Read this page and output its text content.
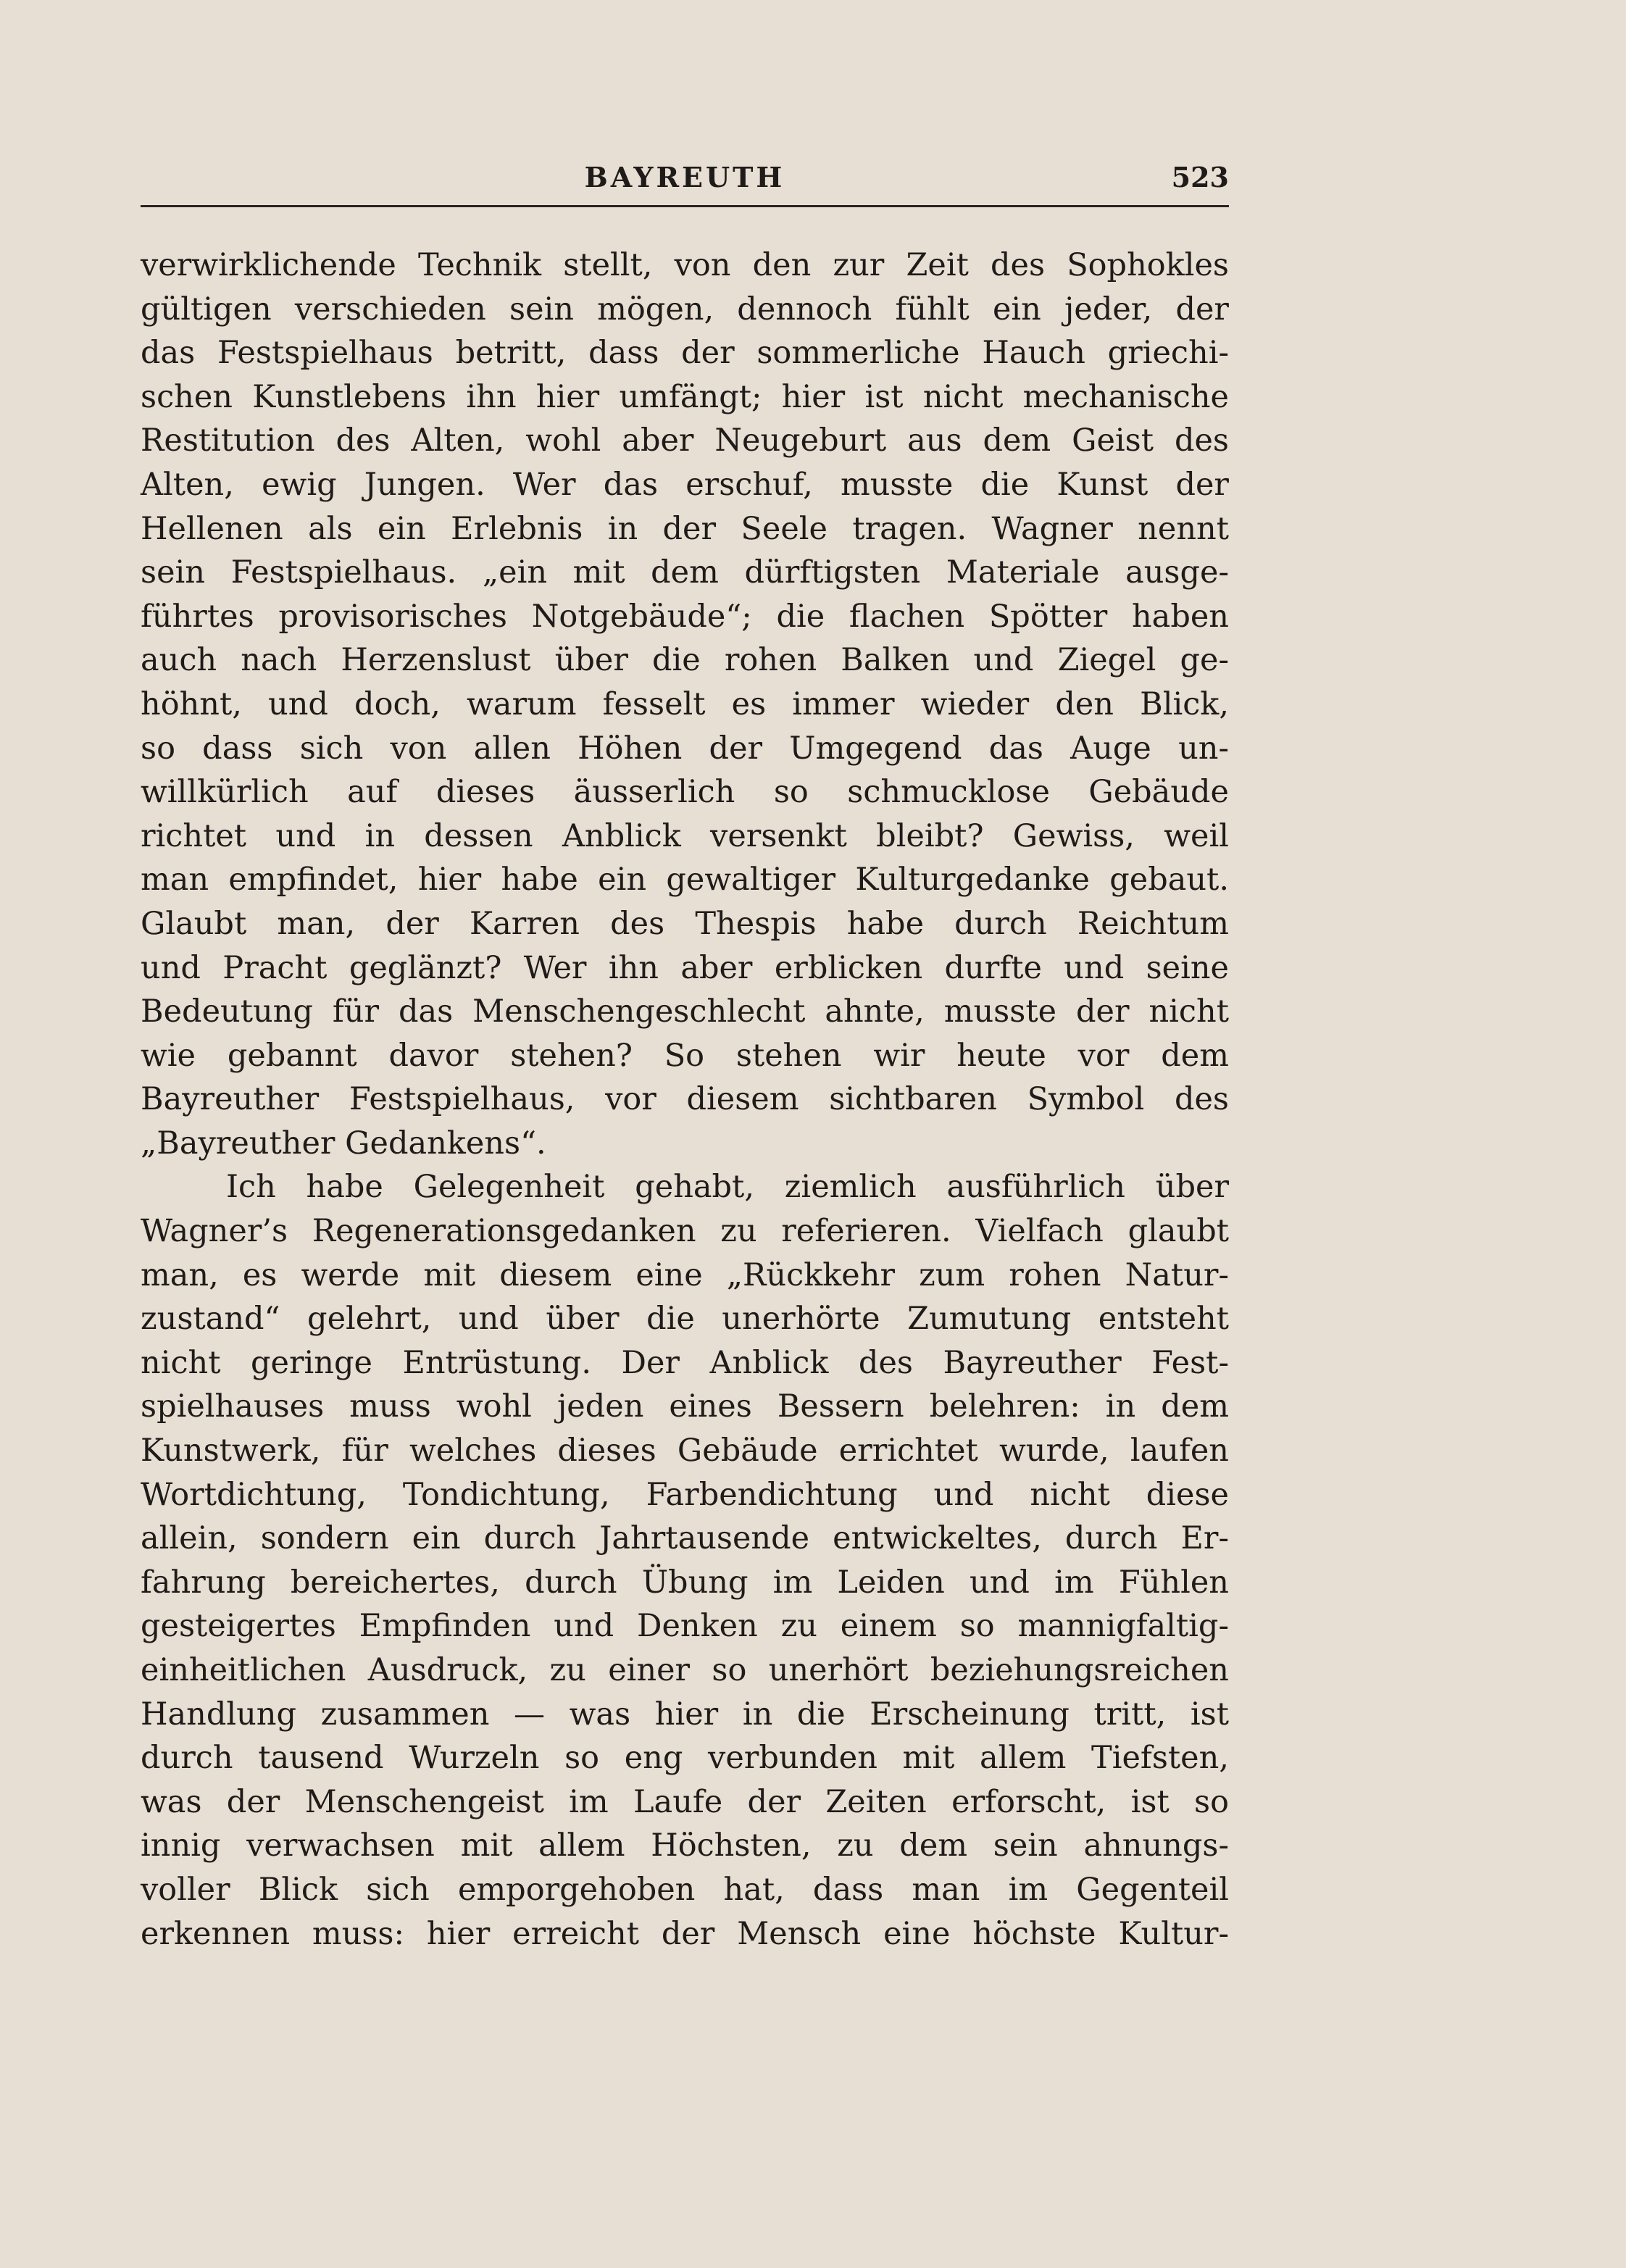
BAYREUTH	523
verwirklichende Technik stellt, von den zur Zeit des Sophokles
gültigen verschieden sein mögen, dennoch fühlt ein jeder, der
das Festspielhaus betritt, dass der sommerliche Hauch griechi-
schen Kunstlebens ihn hier umfängt; hier ist nicht mechanische
Restitution des Alten, wohl aber Neugeburt aus dem Geist des
Alten, ewig Jungen. Wer das erschuf, musste die Kunst der
Hellenen als ein Erlebnis in der Seele tragen. Wagner nennt
sein Festspielhaus. „ein mit dem dürftigsten Materiale ausge-
führtes provisorisches Notgebäude“; die flachen Spötter haben
auch nach Herzenslust über die rohen Balken und Ziegel ge-
höhnt, und doch, warum fesselt es immer wieder den Blick,
so dass sich von allen Höhen der Umgegend das Auge un-
willkürlich auf dieses äusserlich so schmucklose Gebäude
richtet und in dessen Anblick versenkt bleibt? Gewiss, weil
man empfindet, hier habe ein gewaltiger Kulturgedanke gebaut.
Glaubt man, der Karren des Thespis habe durch Reichtum
und Pracht geglänzt? Wer ihn aber erblicken durfte und seine
Bedeutung für das Menschengeschlecht ahnte, musste der nicht
wie gebannt davor stehen? So stehen wir heute vor dem
Bayreuther Festspielhaus, vor diesem sichtbaren Symbol des
„Bayreuther Gedankens“.
Ich habe Gelegenheit gehabt, ziemlich ausführlich über
Wagner’s Regenerationsgedanken zu referieren. Vielfach glaubt
man, es werde mit diesem eine „Rückkehr zum rohen Natur-
zustand“ gelehrt, und über die unerhörte Zumutung entsteht
nicht geringe Entrüstung. Der Anblick des Bayreuther Fest-
spielhauses muss wohl jeden eines Bessern belehren: in dem
Kunstwerk, für welches dieses Gebäude errichtet wurde, laufen
Wortdichtung, Tondichtung, Farbendichtung und nicht diese
allein, sondern ein durch Jahrtausende entwickeltes, durch Er-
fahrung bereichertes, durch Übung im Leiden und im Fühlen
gesteigertes Empfinden und Denken zu einem so mannigfaltig-
einheitlichen Ausdruck, zu einer so unerhört beziehungsreichen
Handlung zusammen — was hier in die Erscheinung tritt, ist
durch tausend Wurzeln so eng verbunden mit allem Tiefsten,
was der Menschengeist im Laufe der Zeiten erforscht, ist so
innig verwachsen mit allem Höchsten, zu dem sein ahnungs-
voller Blick sich emporgehoben hat, dass man im Gegenteil
erkennen muss: hier erreicht der Mensch eine höchste Kultur-
